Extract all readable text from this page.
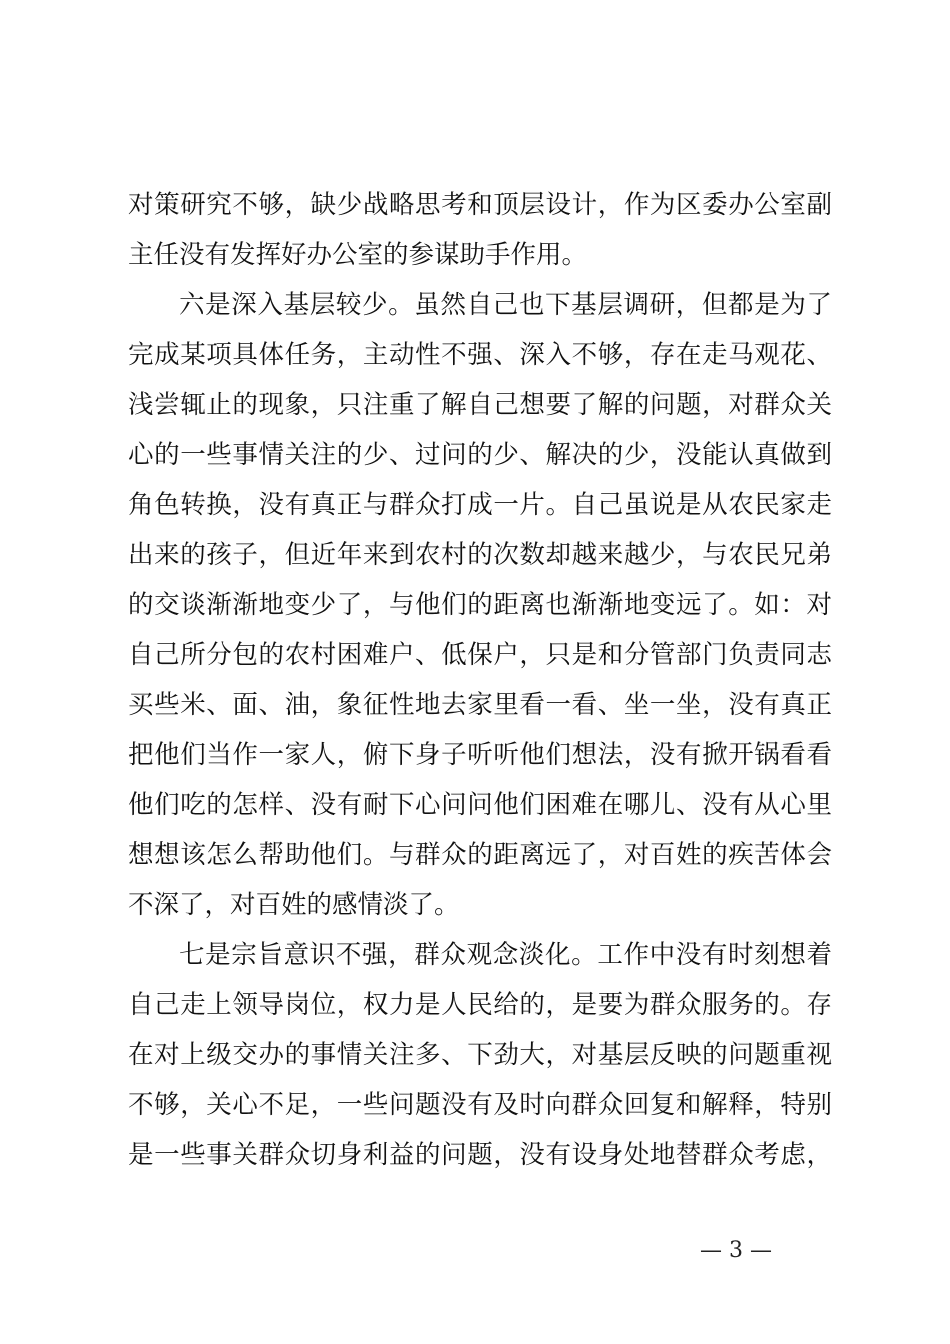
对策研究不够，缺少战略思考和顶层设计，作为区委办公室副
主任没有发挥好办公室的参谋助手作用。
六是深入基层较少。虽然自己也下基层调研，但都是为了
完成某项具体任务，主动性不强、深入不够，存在走马观花、
浅尝辄止的现象，只注重了解自己想要了解的问题，对群众关
心的一些事情关注的少、过问的少、解决的少，没能认真做到
角色转换，没有真正与群众打成一片。自己虽说是从农民家走
出来的孩子，但近年来到农村的次数却越来越少，与农民兄弟
的交谈渐渐地变少了，与他们的距离也渐渐地变远了。如：对
自己所分包的农村困难户、低保户，只是和分管部门负责同志
买些米、面、油，象征性地去家里看一看、坐一坐，没有真正
把他们当作一家人，俯下身子听听他们想法，没有掀开锅看看
他们吃的怎样、没有耐下心问问他们困难在哪儿、没有从心里
想想该怎么帮助他们。与群众的距离远了，对百姓的疾苦体会
不深了，对百姓的感情淡了。
七是宗旨意识不强，群众观念淡化。工作中没有时刻想着
自己走上领导岗位，权力是人民给的，是要为群众服务的。存
在对上级交办的事情关注多、下劲大，对基层反映的问题重视
不够，关心不足，一些问题没有及时向群众回复和解释，特别
是一些事关群众切身利益的问题，没有设身处地替群众考虑，
— 3 —
